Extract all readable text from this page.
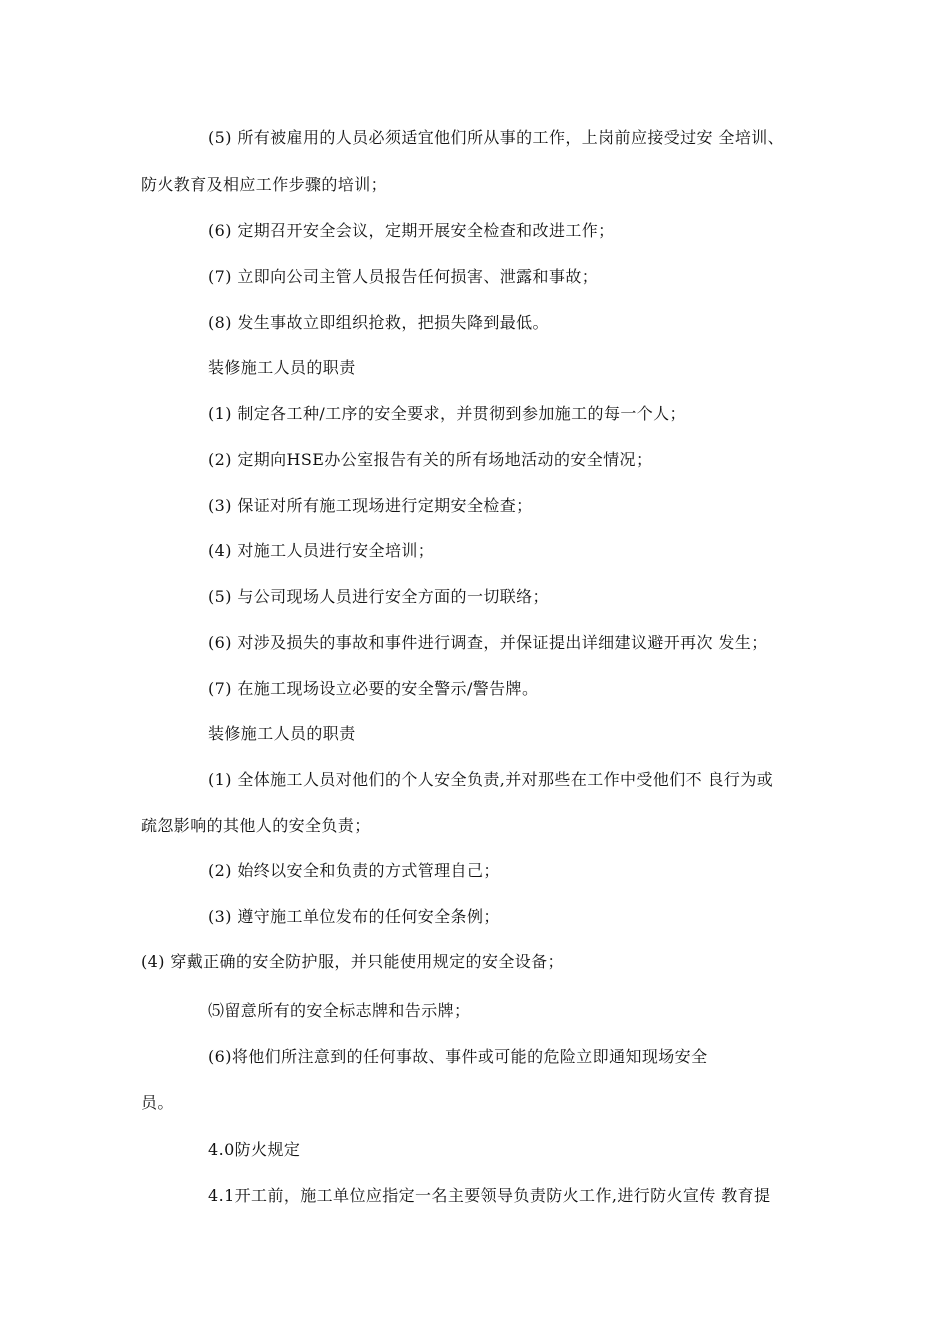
(5) 所有被雇用的人员必须适宜他们所从事的工作，上岗前应接受过安 全培训、
防火教育及相应工作步骤的培训；
(6) 定期召开安全会议，定期开展安全检查和改进工作；
(7) 立即向公司主管人员报告任何损害、泄露和事故；
(8) 发生事故立即组织抢救，把损失降到最低。
装修施工人员的职责
(1) 制定各工种/工序的安全要求，并贯彻到参加施工的每一个人；
(2) 定期向HSE办公室报告有关的所有场地活动的安全情况；
(3) 保证对所有施工现场进行定期安全检查；
(4) 对施工人员进行安全培训；
(5) 与公司现场人员进行安全方面的一切联络；
(6) 对涉及损失的事故和事件进行调查，并保证提出详细建议避开再次 发生；
(7) 在施工现场设立必要的安全警示/警告牌。
装修施工人员的职责
(1) 全体施工人员对他们的个人安全负责,并对那些在工作中受他们不 良行为或
疏忽影响的其他人的安全负责；
(2) 始终以安全和负责的方式管理自己；
(3) 遵守施工单位发布的任何安全条例；
(4) 穿戴正确的安全防护服，并只能使用规定的安全设备；
⑸留意所有的安全标志牌和告示牌；
(6)将他们所注意到的任何事故、事件或可能的危险立即通知现场安全
员。
4.0防火规定
4.1开工前，施工单位应指定一名主要领导负责防火工作,进行防火宣传 教育提
